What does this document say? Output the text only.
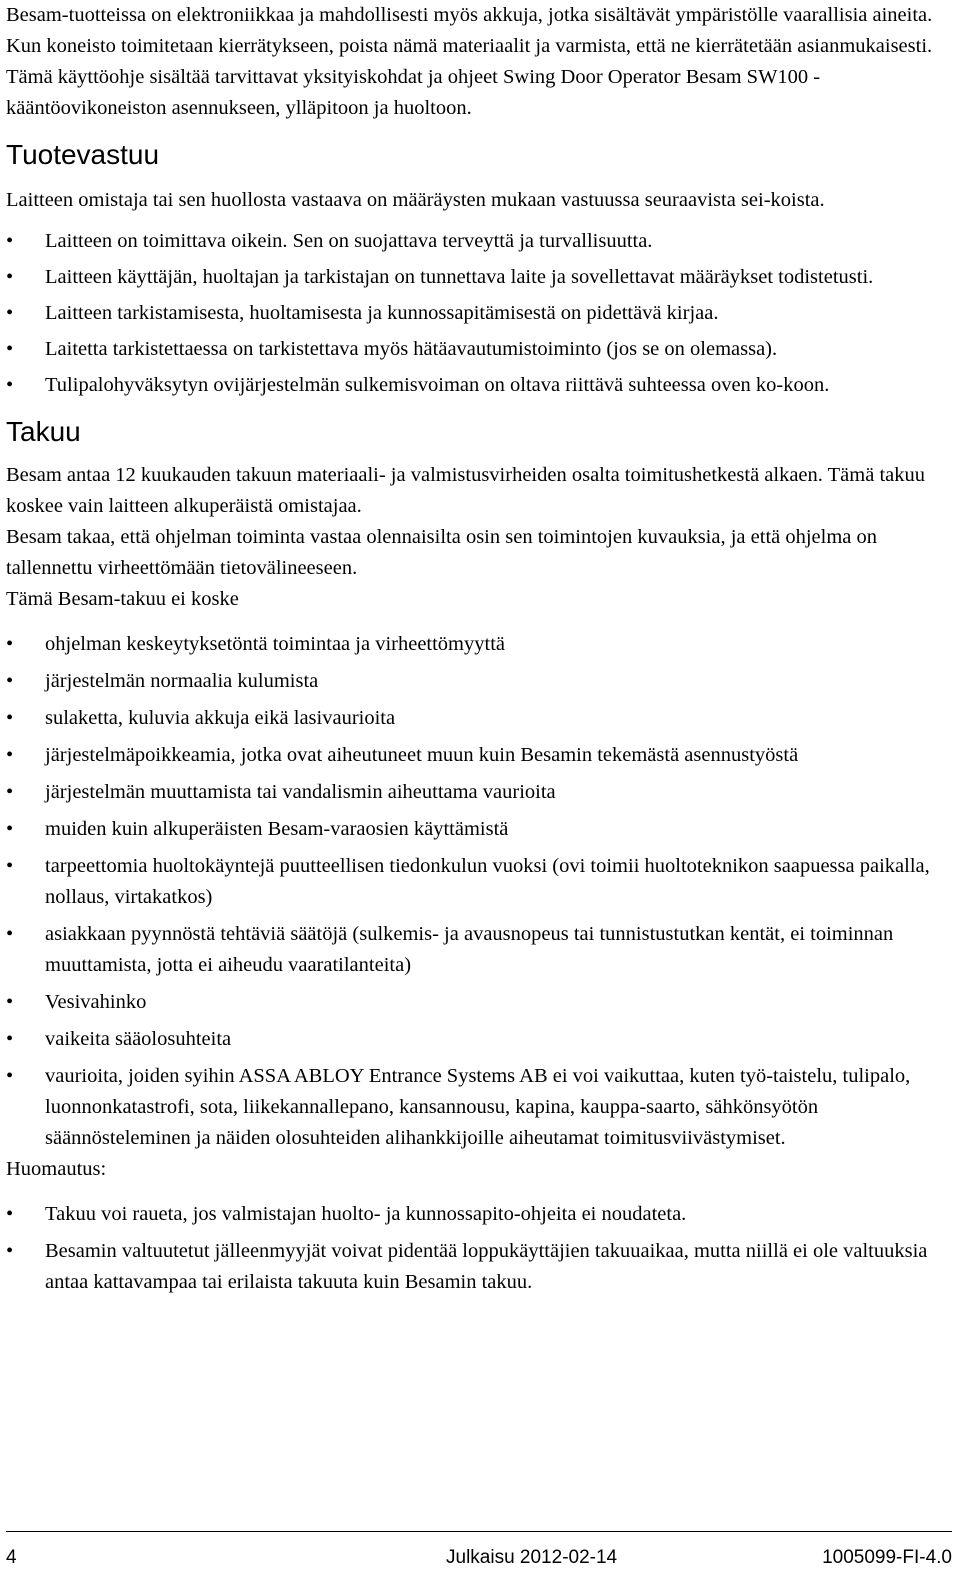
Besam-tuotteissa on elektroniikkaa ja mahdollisesti myös akkuja, jotka sisältävät ympäristölle vaarallisia aineita. Kun koneisto toimitetaan kierrätykseen, poista nämä materiaalit ja varmista, että ne kierrätetään asianmukaisesti.

Tämä käyttöohje sisältää tarvittavat yksityiskohdat ja ohjeet Swing Door Operator Besam SW100 -kääntöovikoneiston asennukseen, ylläpitoon ja huoltoon.

Tuotevastuu

Laitteen omistaja tai sen huollosta vastaava on määräysten mukaan vastuussa seuraavista sei-koista.

• Laitteen on toimittava oikein. Sen on suojattava terveyttä ja turvallisuutta.
• Laitteen käyttäjän, huoltajan ja tarkistajan on tunnettava laite ja sovellettavat määräykset todistetusti.
• Laitteen tarkistamisesta, huoltamisesta ja kunnossapitämisestä on pidettävä kirjaa.
• Laitetta tarkistettaessa on tarkistettava myös hätäavautumistoiminto (jos se on olemassa).
• Tulipalohyväksytyn ovijärjestelmän sulkemisvoiman on oltava riittävä suhteessa oven ko-koon.
Takuu

Besam antaa 12 kuukauden takuun materiaali- ja valmistusvirheiden osalta toimitushetkestä alkaen. Tämä takuu koskee vain laitteen alkuperäistä omistajaa.

Besam takaa, että ohjelman toiminta vastaa olennaisilta osin sen toimintojen kuvauksia, ja että ohjelma on tallennettu virheettömään tietovälineeseen.

Tämä Besam-takuu ei koske

• ohjelman keskeytyksetöntä toimintaa ja virheettömyyttä
• järjestelmän normaalia kulumista
• sulaketta, kuluvia akkuja eikä lasivaurioita
• järjestelmäpoikkeamia, jotka ovat aiheutuneet muun kuin Besamin tekemästä asennustyöstä
• järjestelmän muuttamista tai vandalismin aiheuttama vaurioita
• muiden kuin alkuperäisten Besam-varaosien käyttämistä
• tarpeettomia huoltokäyntejä puutteellisen tiedonkulun vuoksi (ovi toimii huoltoteknikon saapuessa paikalla, nollaus, virtakatkos)
• asiakkaan pyynnöstä tehtäviä säätöjä (sulkemis- ja avausnopeus tai tunnistustutkan kentät, ei toiminnan muuttamista, jotta ei aiheudu vaaratilanteita)
• Vesivahinko
• vaikeita sääolosuhteita
• vaurioita, joiden syihin ASSA ABLOY Entrance Systems AB ei voi vaikuttaa, kuten työ-taistelu, tulipalo, luonnonkatastrofi, sota, liikekannallepano, kansannousu, kapina, kauppa-saarto, sähkönsyötön säännösteleminen ja näiden olosuhteiden alihankkijoille aiheutamat toimitusviivästymiset.

Huomautus:

• Takuu voi raueta, jos valmistajan huolto- ja kunnossapito-ohjeita ei noudateta.
• Besamin valtuutetut jälleenmyyjät voivat pidentää loppukäyttäjien takuuaikaa, mutta niillä ei ole valtuuksia antaa kattavampaa tai erilaista takuuta kuin Besamin takuu.
4	Julkaisu 2012-02-14	1005099-FI-4.0
